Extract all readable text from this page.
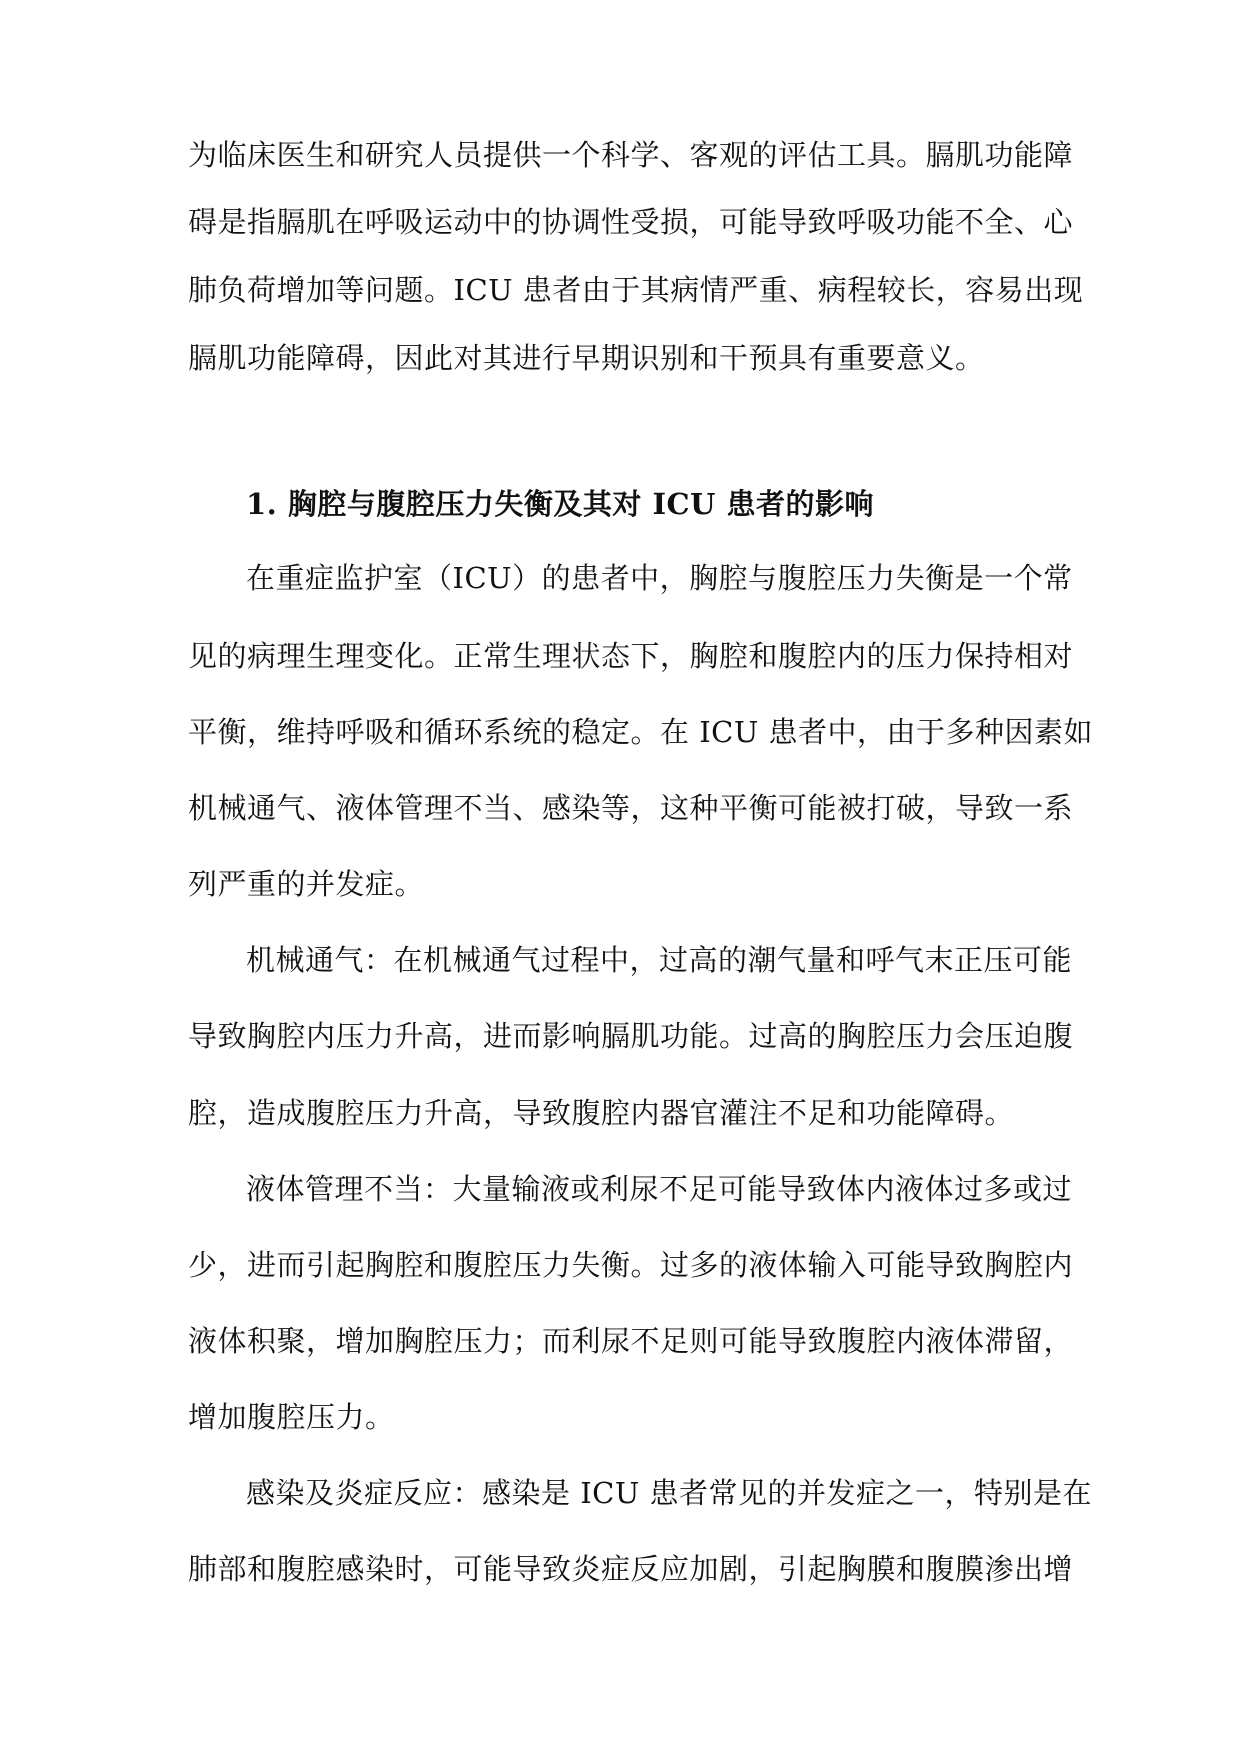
为临床医生和研究人员提供一个科学、客观的评估工具。膈肌功能障
碍是指膈肌在呼吸运动中的协调性受损，可能导致呼吸功能不全、心
肺负荷增加等问题。ICU 患者由于其病情严重、病程较长，容易出现
膈肌功能障碍，因此对其进行早期识别和干预具有重要意义。
1. 胸腔与腹腔压力失衡及其对 ICU 患者的影响
在重症监护室（ICU）的患者中，胸腔与腹腔压力失衡是一个常
见的病理生理变化。正常生理状态下，胸腔和腹腔内的压力保持相对
平衡，维持呼吸和循环系统的稳定。在 ICU 患者中，由于多种因素如
机械通气、液体管理不当、感染等，这种平衡可能被打破，导致一系
列严重的并发症。
机械通气：在机械通气过程中，过高的潮气量和呼气末正压可能
导致胸腔内压力升高，进而影响膈肌功能。过高的胸腔压力会压迫腹
腔，造成腹腔压力升高，导致腹腔内器官灌注不足和功能障碍。
液体管理不当：大量输液或利尿不足可能导致体内液体过多或过
少，进而引起胸腔和腹腔压力失衡。过多的液体输入可能导致胸腔内
液体积聚，增加胸腔压力；而利尿不足则可能导致腹腔内液体滞留，
增加腹腔压力。
感染及炎症反应：感染是 ICU 患者常见的并发症之一，特别是在
肺部和腹腔感染时，可能导致炎症反应加剧，引起胸膜和腹膜渗出增
